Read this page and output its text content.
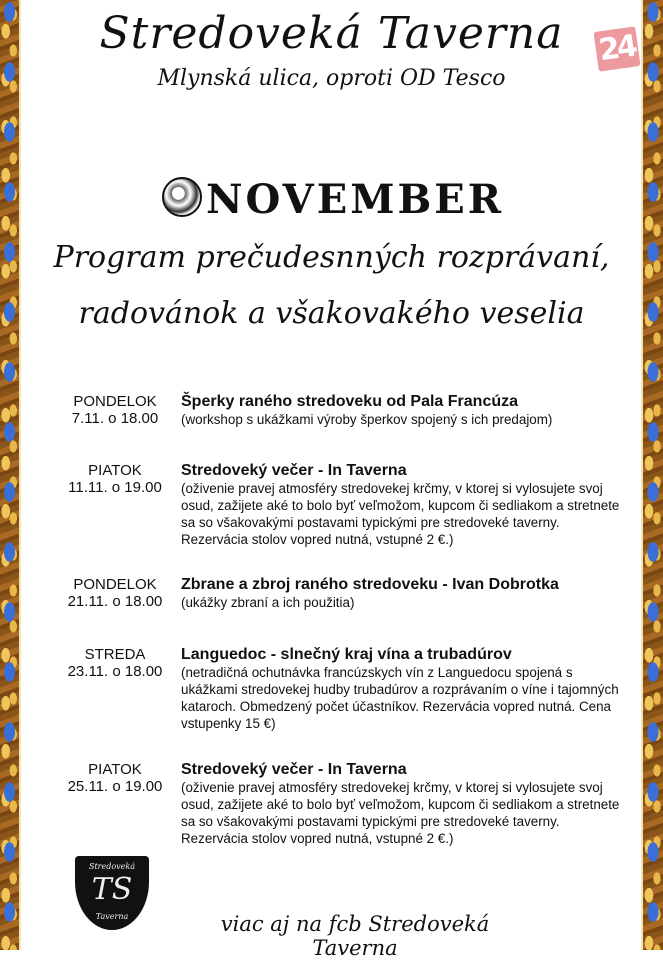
Stredoveká Taverna
Mlynská ulica, oproti OD Tesco
24
NOVEMBER
Program prečudesnných rozprávaní,
radovánok a všakovakého veselia
PONDELOK
7.11. o 18.00
Šperky raného stredoveku od Pala Francúza
(workshop s ukážkami výroby šperkov spojený s ich predajom)
PIATOK
11.11. o 19.00
Stredoveký večer - In Taverna
(oživenie pravej atmosféry stredovekej krčmy, v ktorej si vylosujete svoj osud, zažijete aké to bolo byť veľmožom, kupcom či sedliakom a stretnete sa so všakovakými postavami typickými pre stredoveké taverny. Rezervácia stolov vopred nutná, vstupné 2 €.)
PONDELOK
21.11. o 18.00
Zbrane a zbroj raného stredoveku - Ivan Dobrotka
(ukážky zbraní a ich použitia)
STREDA
23.11. o 18.00
Languedoc - slnečný kraj vína a trubadúrov
(netradičná ochutnávka francúzskych vín z Languedocu spojená s ukážkami stredovekej hudby trubadúrov a rozprávaním o víne i tajomných kataroch. Obmedzený počet účastníkov. Rezervácia vopred nutná. Cena vstupenky 15 €)
PIATOK
25.11. o 19.00
Stredoveký večer - In Taverna
(oživenie pravej atmosféry stredovekej krčmy, v ktorej si vylosujete svoj osud, zažijete aké to bolo byť veľmožom, kupcom či sedliakom a stretnete sa so všakovakými postavami typickými pre stredoveké taverny. Rezervácia stolov vopred nutná, vstupné 2 €.)
Stredoveká
TS
Taverna	viac aj na fcb Stredoveká Taverna
